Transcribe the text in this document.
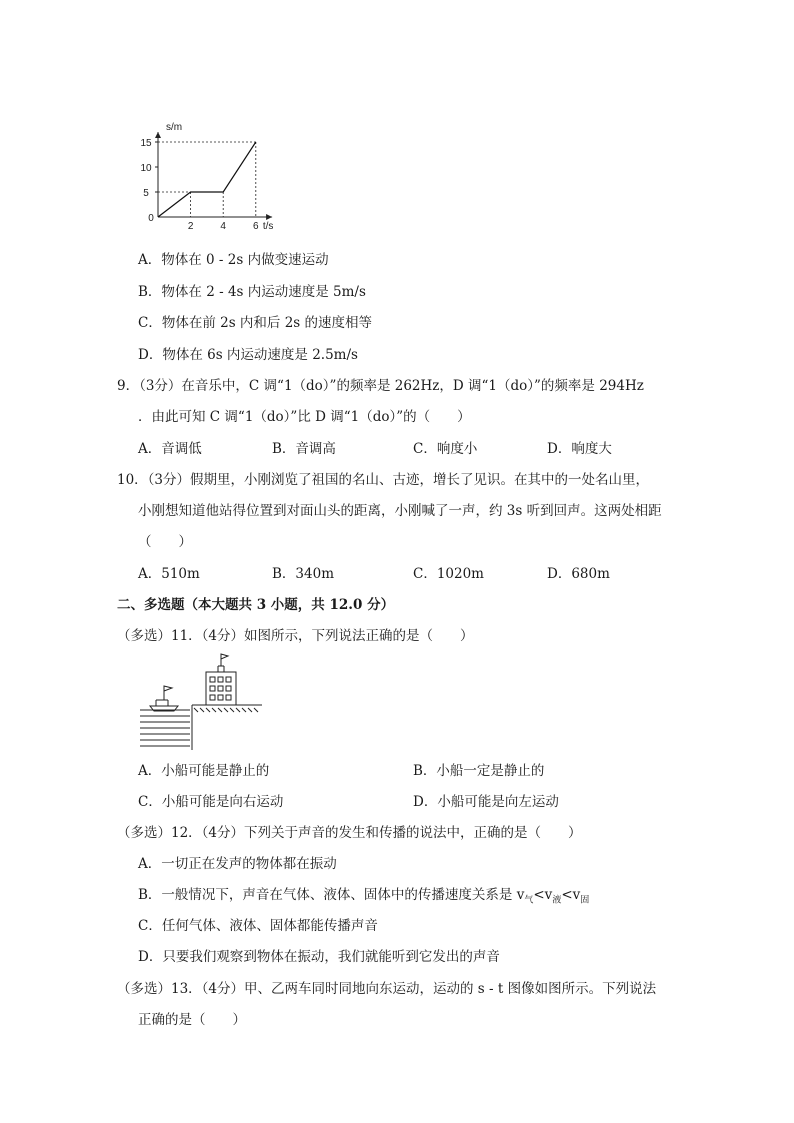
s/m
t/s
0
5
10
15
2	4	6
A．物体在 0 - 2s 内做变速运动
B．物体在 2 - 4s 内运动速度是 5m/s
C．物体在前 2s 内和后 2s 的速度相等
D．物体在 6s 内运动速度是 2.5m/s
9．（3分）在音乐中，C 调“1（do）”的频率是 262Hz，D 调“1（do）”的频率是 294Hz
．由此可知 C 调“1（do）”比 D 调“1（do）”的（　　）
A．音调低	B．音调高	C．响度小	D．响度大
10．（3分）假期里，小刚浏览了祖国的名山、古迹，增长了见识。在其中的一处名山里，
小刚想知道他站得位置到对面山头的距离，小刚喊了一声，约 3s 听到回声。这两处相距
（　　）
A．510m	B．340m	C．1020m	D．680m
二、多选题（本大题共 3 小题，共 12.0 分）
（多选）11．（4分）如图所示，下列说法正确的是（　　）
A．小船可能是静止的	B．小船一定是静止的
C．小船可能是向右运动	D．小船可能是向左运动
（多选）12．（4分）下列关于声音的发生和传播的说法中，正确的是（　　）
A．一切正在发声的物体都在振动
B．一般情况下，声音在气体、液体、固体中的传播速度关系是 $v_气<v_液<v_固$
C．任何气体、液体、固体都能传播声音
D．只要我们观察到物体在振动，我们就能听到它发出的声音
（多选）13．（4分）甲、乙两车同时同地向东运动，运动的 s - t 图像如图所示。下列说法
正确的是（　　）
